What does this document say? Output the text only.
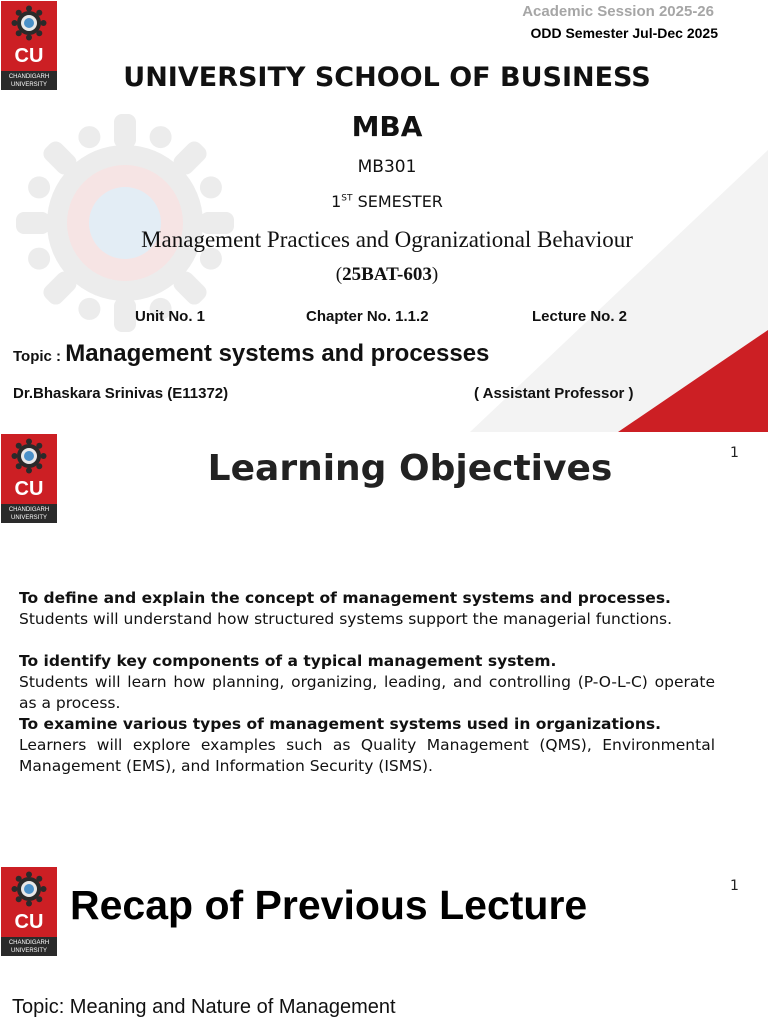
CU
CHANDIGARH
UNIVERSITY
Academic Session 2025-26
ODD Semester Jul-Dec 2025
UNIVERSITY SCHOOL OF BUSINESS
MBA
MB301
1ST SEMESTER
Management Practices and Ogranizational Behaviour
(25BAT-603)
Unit No. 1	Chapter No. 1.1.2	Lecture No. 2
Topic : Management systems and processes
Dr.Bhaskara Srinivas (E11372)	( Assistant Professor )
CU
CHANDIGARH
UNIVERSITY
Learning Objectives	1

To define and explain the concept of management systems and processes.

Students will understand how structured systems support the managerial functions.

To identify key components of a typical management system.

Students will learn how planning, organizing, leading, and controlling (P-O-L-C) operate as a process.

To examine various types of management systems used in organizations.

Learners will explore examples such as Quality Management (QMS), Environmental Management (EMS), and Information Security (ISMS).

CU
CHANDIGARH
UNIVERSITY
Recap of Previous Lecture	1
Topic: Meaning and Nature of Management
